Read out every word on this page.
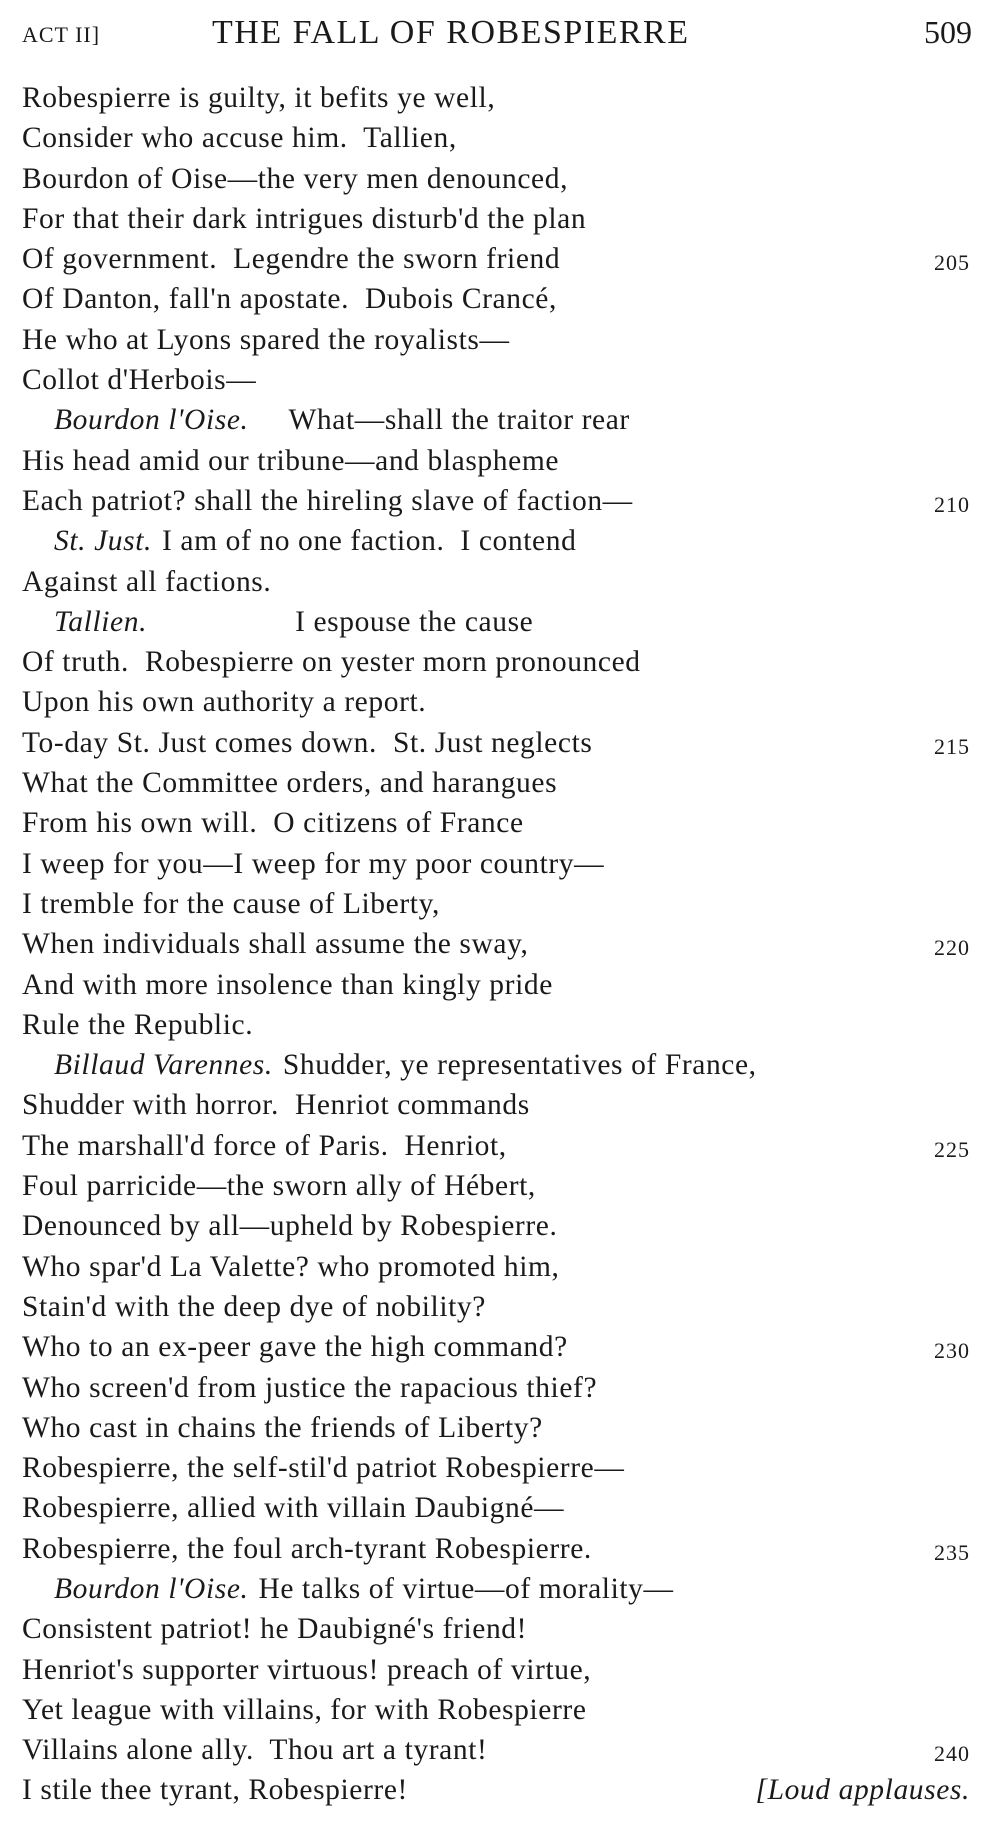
ACT II]	THE FALL OF ROBESPIERRE	509
Robespierre is guilty, it befits ye well,
Consider who accuse him.  Tallien,
Bourdon of Oise—the very men denounced,
For that their dark intrigues disturb'd the plan
Of government.  Legendre the sworn friend	205
Of Danton, fall'n apostate.  Dubois Crancé,
He who at Lyons spared the royalists—
Collot d'Herbois—
Bourdon l'Oise. What—shall the traitor rear
His head amid our tribune—and blaspheme
Each patriot? shall the hireling slave of faction—	210
St. Just. I am of no one faction.  I contend
Against all factions.
Tallien.	I espouse the cause
Of truth.  Robespierre on yester morn pronounced
Upon his own authority a report.
To-day St. Just comes down.  St. Just neglects	215
What the Committee orders, and harangues
From his own will.  O citizens of France
I weep for you—I weep for my poor country—
I tremble for the cause of Liberty,
When individuals shall assume the sway,	220
And with more insolence than kingly pride
Rule the Republic.
Billaud Varennes. Shudder, ye representatives of France,
Shudder with horror.  Henriot commands
The marshall'd force of Paris.  Henriot,	225
Foul parricide—the sworn ally of Hébert,
Denounced by all—upheld by Robespierre.
Who spar'd La Valette? who promoted him,
Stain'd with the deep dye of nobility?
Who to an ex-peer gave the high command?	230
Who screen'd from justice the rapacious thief?
Who cast in chains the friends of Liberty?
Robespierre, the self-stil'd patriot Robespierre—
Robespierre, allied with villain Daubigné—
Robespierre, the foul arch-tyrant Robespierre.	235
Bourdon l'Oise. He talks of virtue—of morality—
Consistent patriot! he Daubigné's friend!
Henriot's supporter virtuous! preach of virtue,
Yet league with villains, for with Robespierre
Villains alone ally.  Thou art a tyrant!	240
I stile thee tyrant, Robespierre!	[Loud applauses.
